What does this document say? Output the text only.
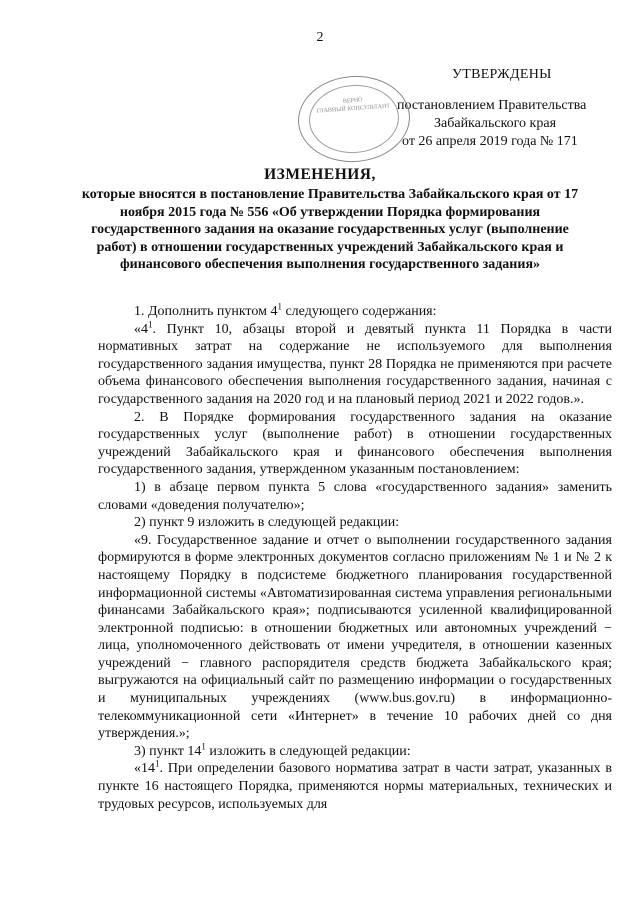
2
УТВЕРЖДЕНЫ
постановлением Правительства
Забайкальского края
от 26 апреля 2019 года № 171
ВЕРНО
ГЛАВНЫЙ КОНСУЛЬТАНТ
ИЗМЕНЕНИЯ,
которые вносятся в постановление Правительства Забайкальского края от 17 ноября 2015 года № 556 «Об утверждении Порядка формирования государственного задания на оказание государственных услуг (выполнение работ) в отношении государственных учреждений Забайкальского края и финансового обеспечения выполнения государственного задания»

1. Дополнить пунктом $4^1$ следующего содержания:

«$4^1$. Пункт 10, абзацы второй и девятый пункта 11 Порядка в части нормативных затрат на содержание не используемого для выполнения государственного задания имущества, пункт 28 Порядка не применяются при расчете объема финансового обеспечения выполнения государственного задания, начиная с государственного задания на 2020 год и на плановый период 2021 и 2022 годов.».

2. В Порядке формирования государственного задания на оказание государственных услуг (выполнение работ) в отношении государственных учреждений Забайкальского края и финансового обеспечения выполнения государственного задания, утвержденном указанным постановлением:

1) в абзаце первом пункта 5 слова «государственного задания» заменить словами «доведения получателю»;

2) пункт 9 изложить в следующей редакции:

«9. Государственное задание и отчет о выполнении государственного задания формируются в форме электронных документов согласно приложениям № 1 и № 2 к настоящему Порядку в подсистеме бюджетного планирования государственной информационной системы «Автоматизированная система управления региональными финансами Забайкальского края»; подписываются усиленной квалифицированной электронной подписью: в отношении бюджетных или автономных учреждений − лица, уполномоченного действовать от имени учредителя, в отношении казенных учреждений − главного распорядителя средств бюджета Забайкальского края; выгружаются на официальный сайт по размещению информации о государственных и муниципальных учреждениях (www.bus.gov.ru) в информационно-телекоммуникационной сети «Интернет» в течение 10 рабочих дней со дня утверждения.»;

3) пункт $14^1$ изложить в следующей редакции:

«$14^1$. При определении базового норматива затрат в части затрат, указанных в пункте 16 настоящего Порядка, применяются нормы материальных, технических и трудовых ресурсов, используемых для
